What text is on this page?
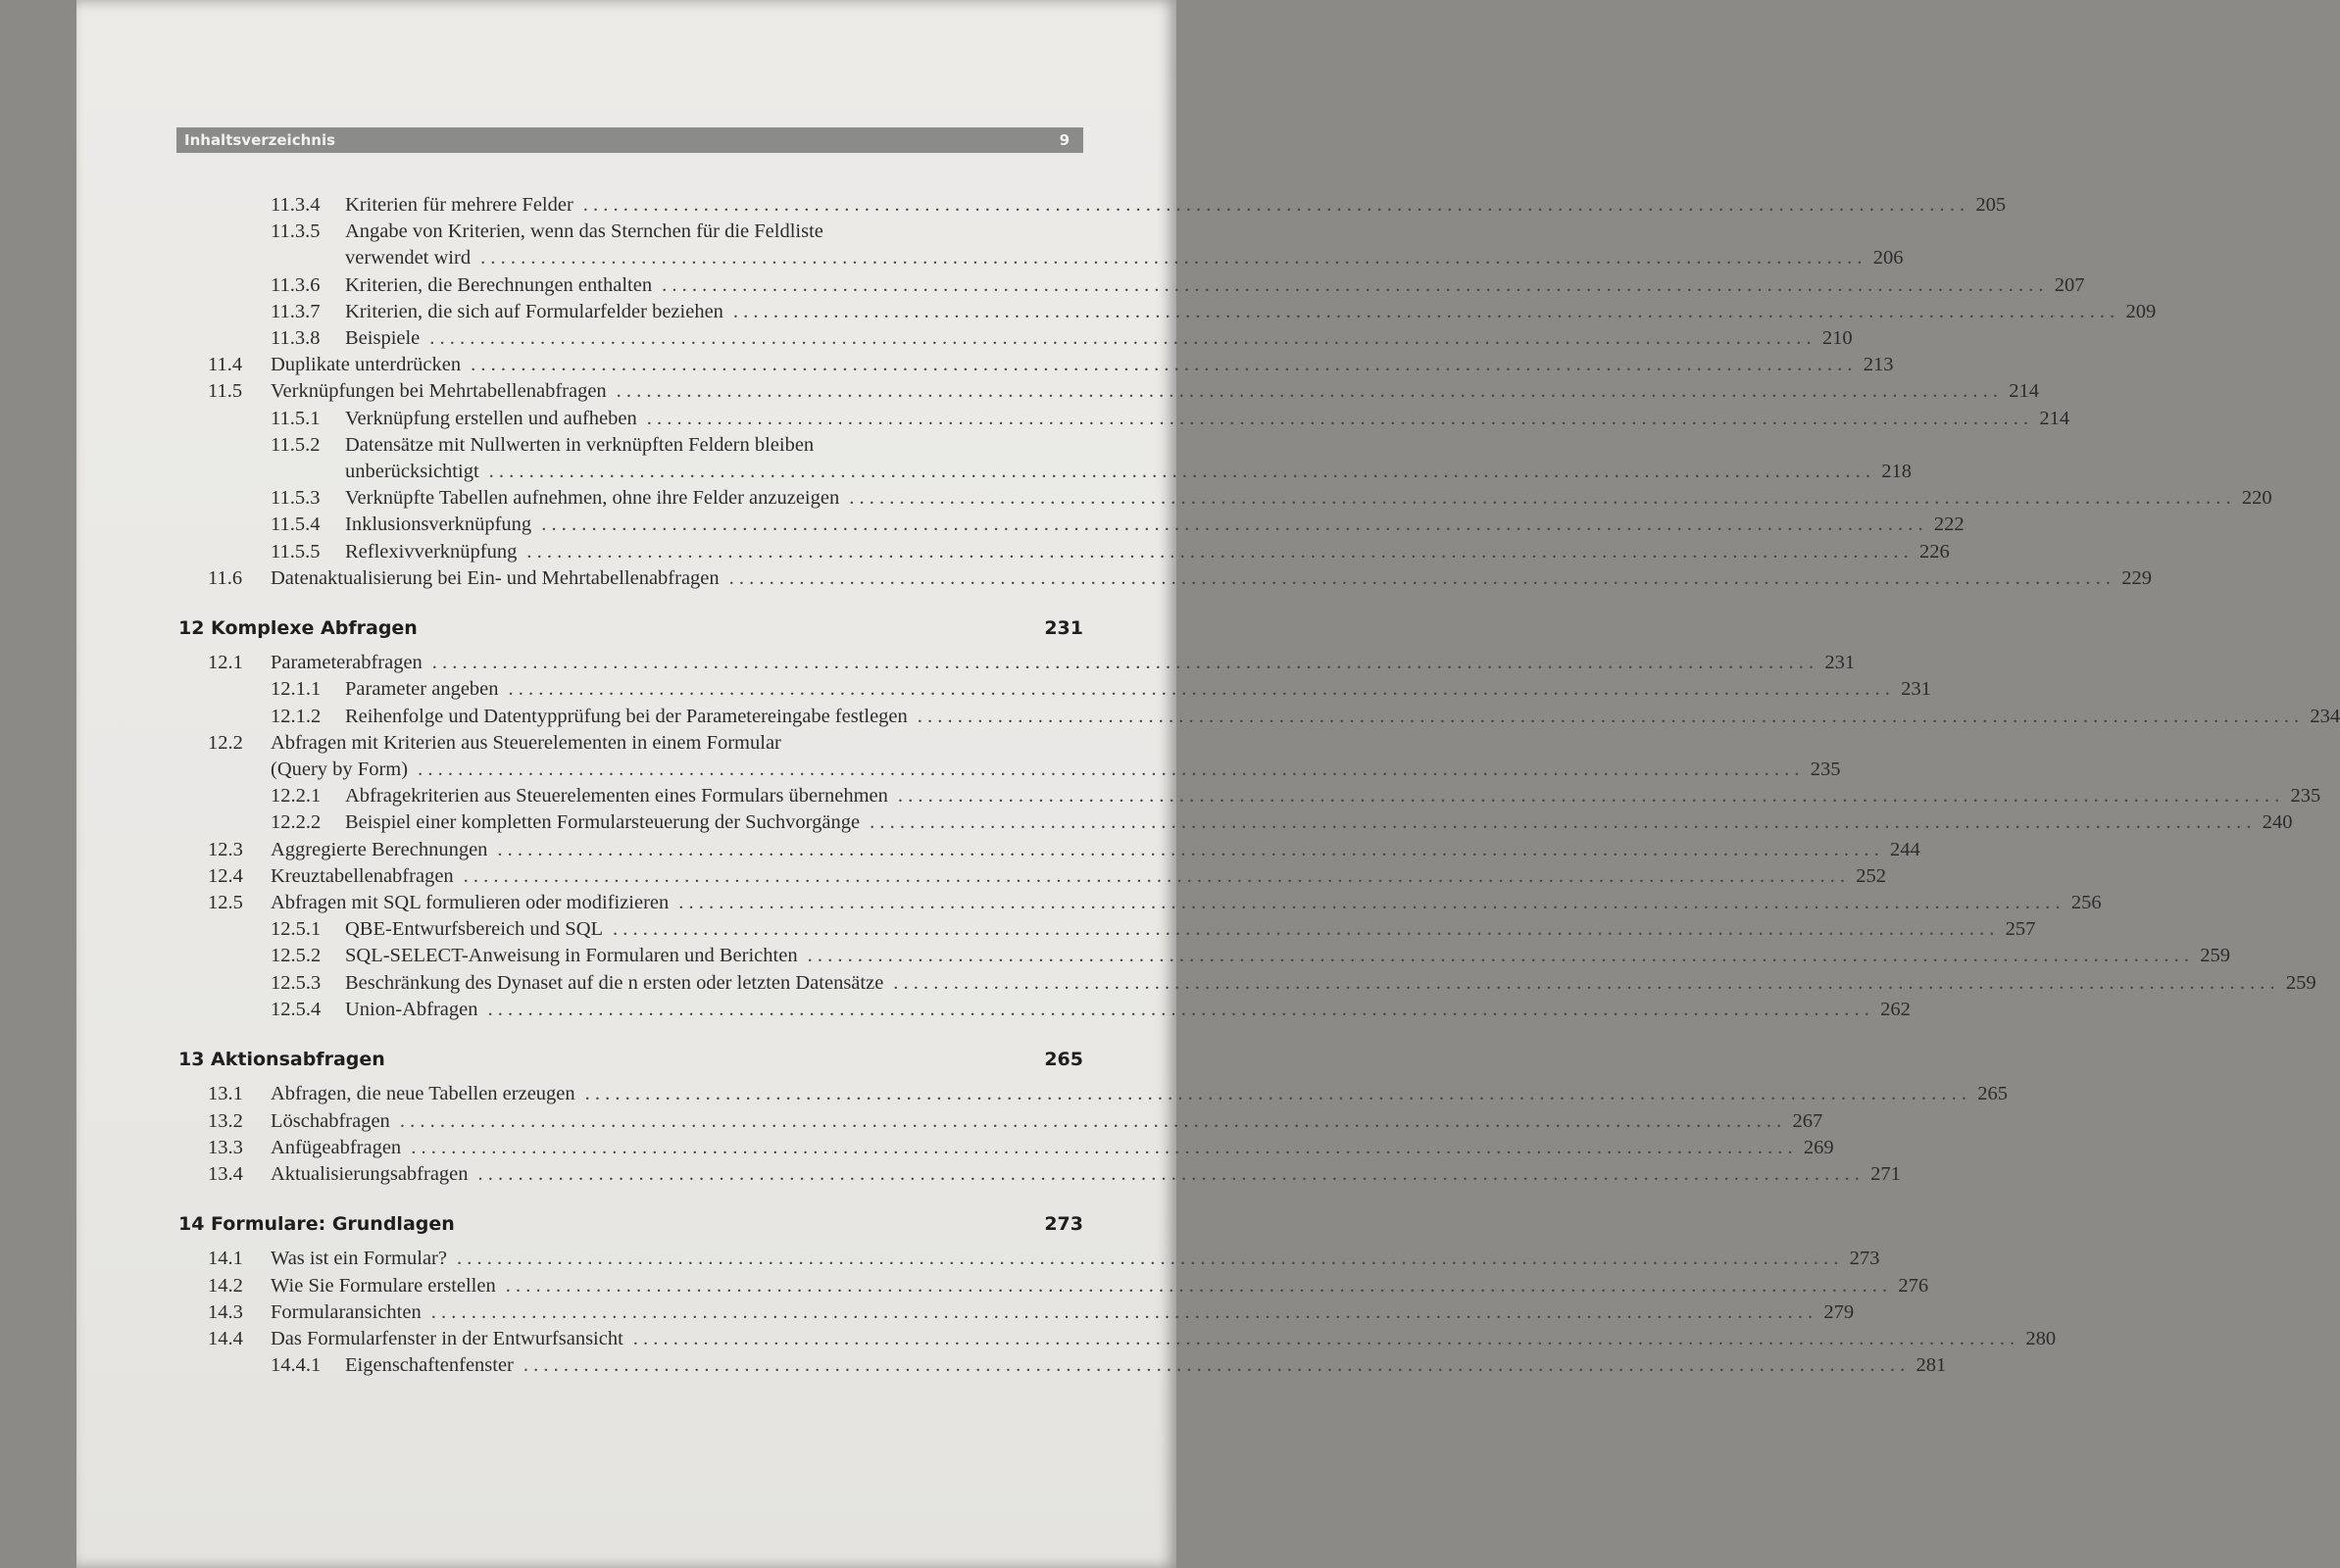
Inhaltsverzeichnis	9
11.3.4	Kriterien für mehrere Felder . . .	205
11.3.5	Angabe von Kriterien, wenn das Sternchen für die Feldliste
verwendet wird . . .	206
11.3.6	Kriterien, die Berechnungen enthalten . . .	207
11.3.7	Kriterien, die sich auf Formularfelder beziehen . . .	209
11.3.8	Beispiele . . .	210
11.4	Duplikate unterdrücken . . .	213
11.5	Verknüpfungen bei Mehrtabellenabfragen . . .	214
11.5.1	Verknüpfung erstellen und aufheben . . .	214
11.5.2	Datensätze mit Nullwerten in verknüpften Feldern bleiben
unberücksichtigt . . .	218
11.5.3	Verknüpfte Tabellen aufnehmen, ohne ihre Felder anzuzeigen . . .	220
11.5.4	Inklusionsverknüpfung . . .	222
11.5.5	Reflexivverknüpfung . . .	226
11.6	Datenaktualisierung bei Ein- und Mehrtabellenabfragen . . .	229
12 Komplexe Abfragen	231
12.1	Parameterabfragen . . .	231
12.1.1	Parameter angeben . . .	231
12.1.2	Reihenfolge und Datentypprüfung bei der Parametereingabe festlegen . . .	234
12.2	Abfragen mit Kriterien aus Steuerelementen in einem Formular
(Query by Form) . . .	235
12.2.1	Abfragekriterien aus Steuerelementen eines Formulars übernehmen . . .	235
12.2.2	Beispiel einer kompletten Formularsteuerung der Suchvorgänge . . .	240
12.3	Aggregierte Berechnungen . . .	244
12.4	Kreuztabellenabfragen . . .	252
12.5	Abfragen mit SQL formulieren oder modifizieren . . .	256
12.5.1	QBE-Entwurfsbereich und SQL . . .	257
12.5.2	SQL-SELECT-Anweisung in Formularen und Berichten . . .	259
12.5.3	Beschränkung des Dynaset auf die n ersten oder letzten Datensätze . . .	259
12.5.4	Union-Abfragen . . .	262
13 Aktionsabfragen	265
13.1	Abfragen, die neue Tabellen erzeugen . . .	265
13.2	Löschabfragen . . .	267
13.3	Anfügeabfragen . . .	269
13.4	Aktualisierungsabfragen . . .	271
14 Formulare: Grundlagen	273
14.1	Was ist ein Formular? . . .	273
14.2	Wie Sie Formulare erstellen . . .	276
14.3	Formularansichten . . .	279
14.4	Das Formularfenster in der Entwurfsansicht . . .	280
14.4.1	Eigenschaftenfenster . . .	281
